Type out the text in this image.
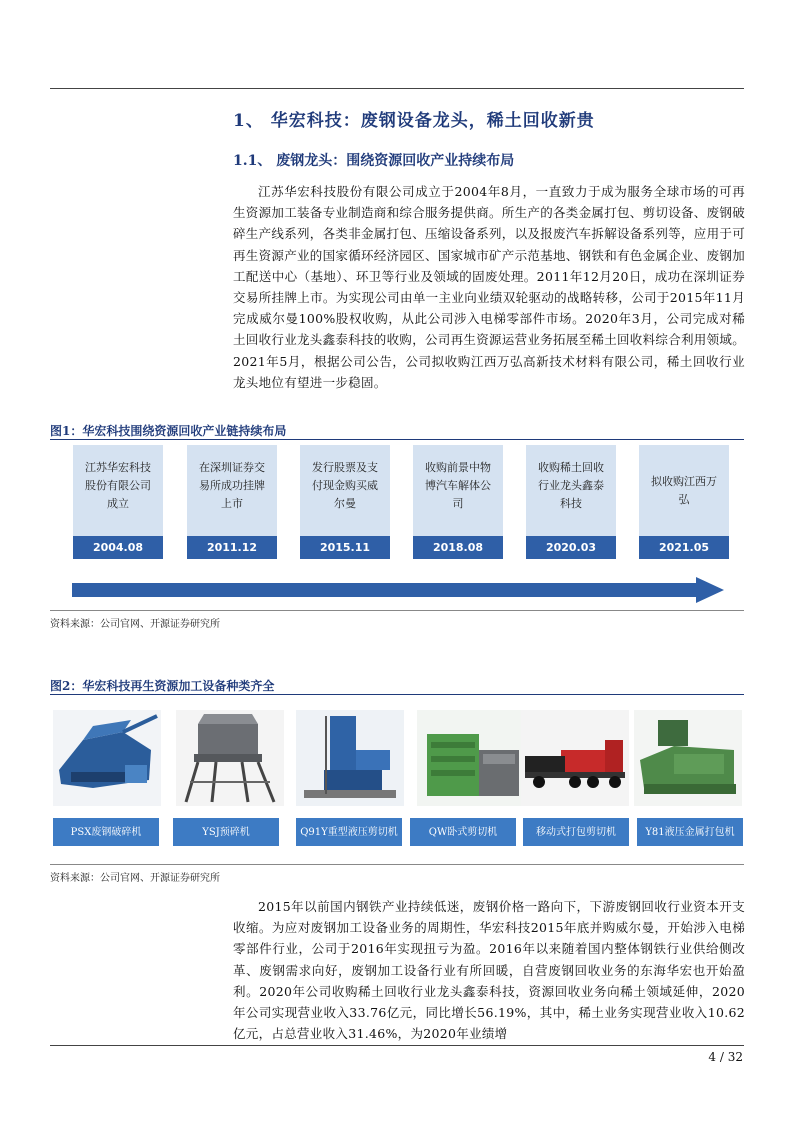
1、 华宏科技：废钢设备龙头，稀土回收新贵
1.1、 废钢龙头：围绕资源回收产业持续布局
江苏华宏科技股份有限公司成立于2004年8月，一直致力于成为服务全球市场的可再生资源加工装备专业制造商和综合服务提供商。所生产的各类金属打包、剪切设备、废钢破碎生产线系列，各类非金属打包、压缩设备系列，以及报废汽车拆解设备系列等，应用于可再生资源产业的国家循环经济园区、国家城市矿产示范基地、钢铁和有色金属企业、废钢加工配送中心（基地）、环卫等行业及领域的固废处理。2011年12月20日，成功在深圳证券交易所挂牌上市。为实现公司由单一主业向业绩双轮驱动的战略转移，公司于2015年11月完成威尔曼100%股权收购，从此公司涉入电梯零部件市场。2020年3月，公司完成对稀土回收行业龙头鑫泰科技的收购，公司再生资源运营业务拓展至稀土回收料综合利用领域。2021年5月，根据公司公告，公司拟收购江西万弘高新技术材料有限公司，稀土回收行业龙头地位有望进一步稳固。
图1：华宏科技围绕资源回收产业链持续布局
江苏华宏科技股份有限公司成立
2004.08
在深圳证券交易所成功挂牌上市
2011.12
发行股票及支付现金购买威尔曼
2015.11
收购前景中物博汽车解体公司
2018.08
收购稀土回收行业龙头鑫泰科技
2020.03
拟收购江西万弘
2021.05
资料来源：公司官网、开源证券研究所
图2：华宏科技再生资源加工设备种类齐全
PSX废钢破碎机	YSJ预碎机	Q91Y重型液压剪切机	QW卧式剪切机	移动式打包剪切机	Y81液压金属打包机
资料来源：公司官网、开源证券研究所
2015年以前国内钢铁产业持续低迷，废钢价格一路向下，下游废钢回收行业资本开支收缩。为应对废钢加工设备业务的周期性，华宏科技2015年底并购威尔曼，开始涉入电梯零部件行业，公司于2016年实现扭亏为盈。2016年以来随着国内整体钢铁行业供给侧改革、废钢需求向好，废钢加工设备行业有所回暖，自营废钢回收业务的东海华宏也开始盈利。2020年公司收购稀土回收行业龙头鑫泰科技，资源回收业务向稀土领域延伸，2020年公司实现营业收入33.76亿元，同比增长56.19%，其中，稀土业务实现营业收入10.62亿元，占总营业收入31.46%，为2020年业绩增
4 / 32
